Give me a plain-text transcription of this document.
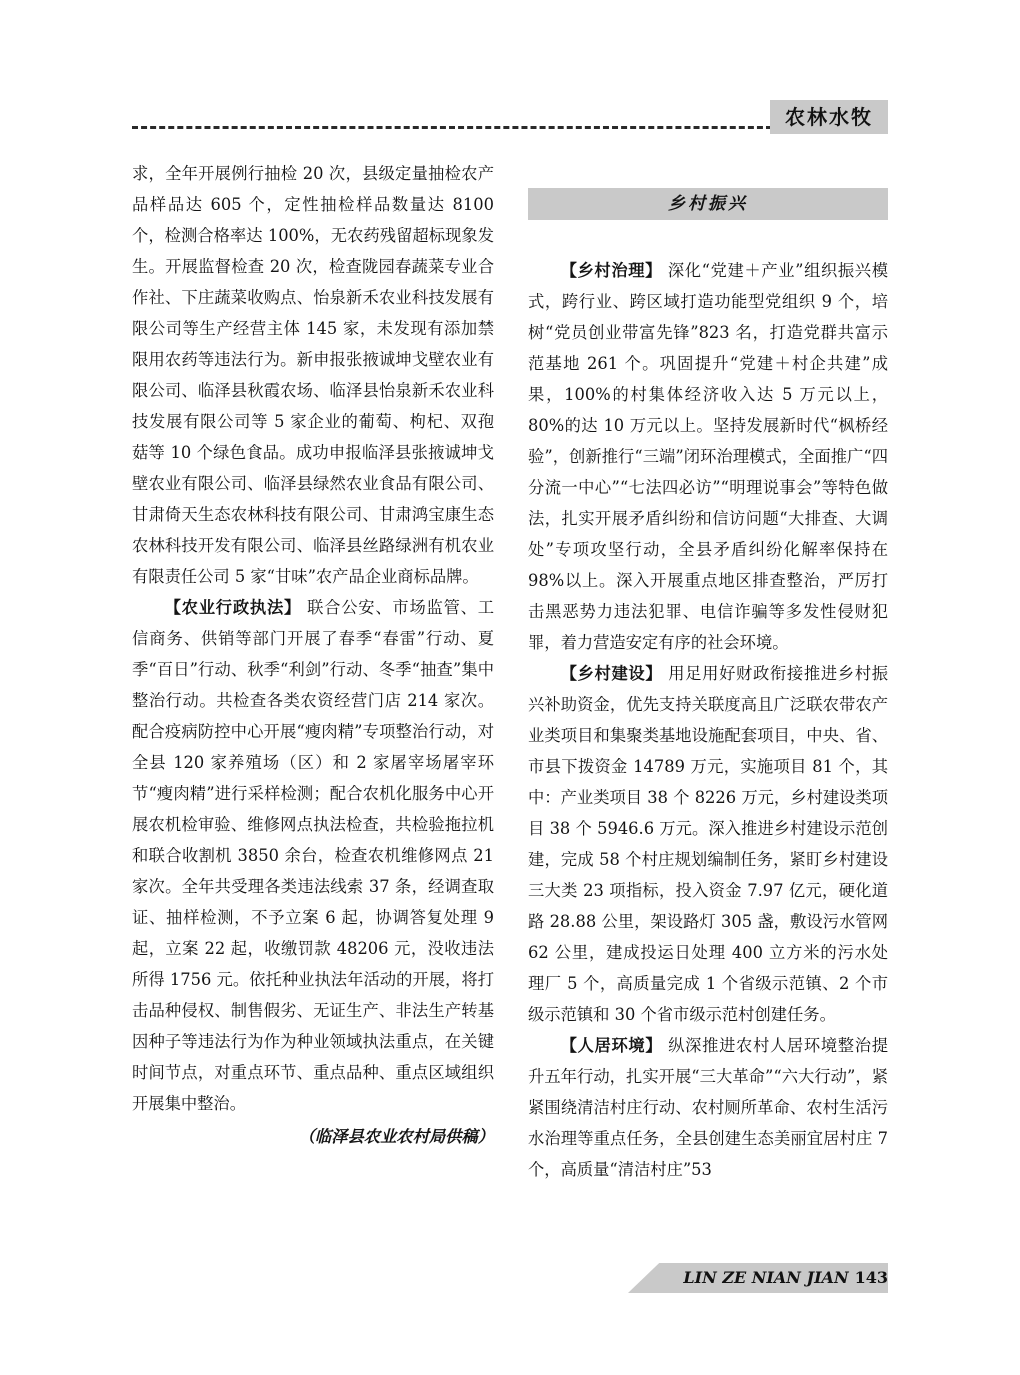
农林水牧

求，全年开展例行抽检 20 次，县级定量抽检农产品样品达 605 个，定性抽检样品数量达 8100 个，检测合格率达 100%，无农药残留超标现象发生。开展监督检查 20 次，检查陇园春蔬菜专业合作社、下庄蔬菜收购点、怡泉新禾农业科技发展有限公司等生产经营主体 145 家，未发现有添加禁限用农药等违法行为。新申报张掖诚坤戈壁农业有限公司、临泽县秋霞农场、临泽县怡泉新禾农业科技发展有限公司等 5 家企业的葡萄、枸杞、双孢菇等 10 个绿色食品。成功申报临泽县张掖诚坤戈壁农业有限公司、临泽县绿然农业食品有限公司、甘肃倚天生态农林科技有限公司、甘肃鸿宝康生态农林科技开发有限公司、临泽县丝路绿洲有机农业有限责任公司 5 家“甘味”农产品企业商标品牌。

【农业行政执法】 联合公安、市场监管、工信商务、供销等部门开展了春季“春雷”行动、夏季“百日”行动、秋季“利剑”行动、冬季“抽查”集中整治行动。共检查各类农资经营门店 214 家次。配合疫病防控中心开展“瘦肉精”专项整治行动，对全县 120 家养殖场（区）和 2 家屠宰场屠宰环节“瘦肉精”进行采样检测；配合农机化服务中心开展农机检审验、维修网点执法检查，共检验拖拉机和联合收割机 3850 余台，检查农机维修网点 21 家次。全年共受理各类违法线索 37 条，经调查取证、抽样检测，不予立案 6 起，协调答复处理 9 起，立案 22 起，收缴罚款 48206 元，没收违法所得 1756 元。依托种业执法年活动的开展，将打击品种侵权、制售假劣、无证生产、非法生产转基因种子等违法行为作为种业领域执法重点，在关键时间节点，对重点环节、重点品种、重点区域组织开展集中整治。

（临泽县农业农村局供稿）

乡村振兴

【乡村治理】 深化“党建＋产业”组织振兴模式，跨行业、跨区域打造功能型党组织 9 个，培树“党员创业带富先锋”823 名，打造党群共富示范基地 261 个。巩固提升“党建＋村企共建”成果，100%的村集体经济收入达 5 万元以上，80%的达 10 万元以上。坚持发展新时代“枫桥经验”，创新推行“三端”闭环治理模式，全面推广“四分流一中心”“七法四必访”“明理说事会”等特色做法，扎实开展矛盾纠纷和信访问题“大排查、大调处”专项攻坚行动，全县矛盾纠纷化解率保持在 98%以上。深入开展重点地区排查整治，严厉打击黑恶势力违法犯罪、电信诈骗等多发性侵财犯罪，着力营造安定有序的社会环境。

【乡村建设】 用足用好财政衔接推进乡村振兴补助资金，优先支持关联度高且广泛联农带农产业类项目和集聚类基地设施配套项目，中央、省、市县下拨资金 14789 万元，实施项目 81 个，其中：产业类项目 38 个 8226 万元，乡村建设类项目 38 个 5946.6 万元。深入推进乡村建设示范创建，完成 58 个村庄规划编制任务，紧盯乡村建设三大类 23 项指标，投入资金 7.97 亿元，硬化道路 28.88 公里，架设路灯 305 盏，敷设污水管网 62 公里，建成投运日处理 400 立方米的污水处理厂 5 个，高质量完成 1 个省级示范镇、2 个市级示范镇和 30 个省市级示范村创建任务。

【人居环境】 纵深推进农村人居环境整治提升五年行动，扎实开展“三大革命”“六大行动”，紧紧围绕清洁村庄行动、农村厕所革命、农村生活污水治理等重点任务，全县创建生态美丽宜居村庄 7 个，高质量“清洁村庄”53

LIN ZE NIAN JIAN 143
